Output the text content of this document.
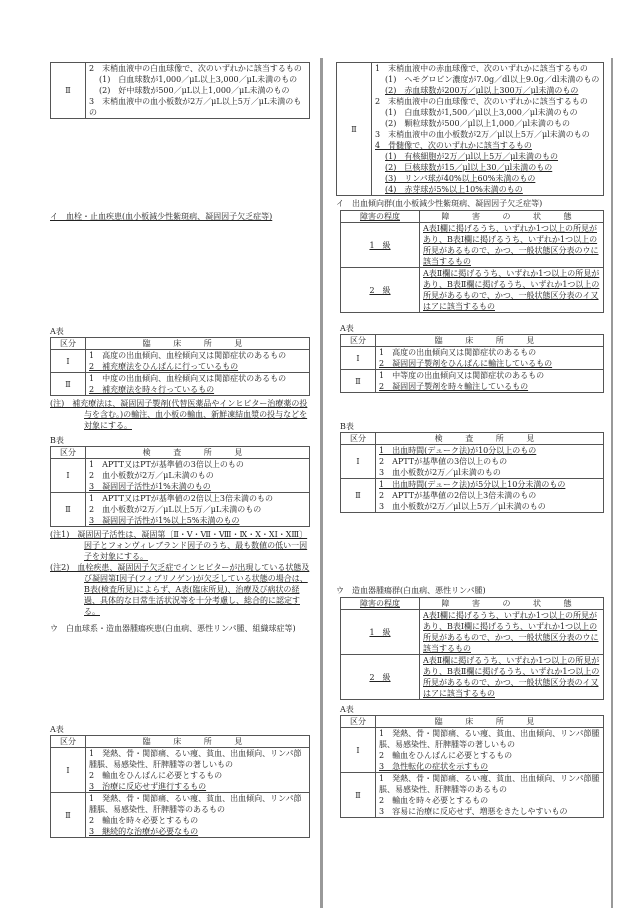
Ⅱ	
2　末梢血液中の白血球像で、次のいずれかに該当するもの
(1)　白血球数が1,000／μL以上3,000／μL未満のもの
(2)　好中球数が500／μL以上1,000／μL未満のもの
3　末梢血液中の血小板数が2万／μL以上5万／μL未満のもの
イ　血栓・止血疾患(血小板減少性紫斑病、凝固因子欠乏症等)
A表
区分	臨 床 所 見
Ⅰ	1　高度の出血傾向、血栓傾向又は関節症状のあるもの
2　補充療法をひんぱんに行っているもの

Ⅱ	1　中度の出血傾向、血栓傾向又は関節症状のあるもの
2　補充療法を時々行っているもの
(注)　補充療法は、凝固因子製剤(代替医薬品やインヒビター治療薬の投与を含む。)の輸注、血小板の輸血、新鮮凍結血漿の投与などを対象にする。
B表
区分	検 査 所 見
Ⅰ	1　APTT又はPTが基準値の3倍以上のもの
2　血小板数が2万／μL未満のもの
3　凝固因子活性が1%未満のもの

Ⅱ	1　APTT又はPTが基準値の2倍以上3倍未満のもの
2　血小板数が2万／μL以上5万／μL未満のもの
3　凝固因子活性が1%以上5%未満のもの
(注1)　凝固因子活性は、凝固第〔Ⅱ・Ⅴ・Ⅶ・Ⅷ・Ⅸ・Ⅹ・ⅩⅠ・ⅩⅢ〕因子とフォンヴィレブランド因子のうち、最も数値の低い一因子を対象にする。
(注2)　血栓疾患、凝固因子欠乏症でインヒビターが出現している状態及び凝固第Ⅰ因子(フィブリノゲン)が欠乏している状態の場合は、B表(検査所見)によらず、A表(臨床所見)、治療及び病状の経過、具体的な日常生活状況等を十分考慮し、総合的に認定する。
ウ　白血球系・造血器腫瘍疾患(白血病、悪性リンパ腫、組織球症等)
A表
区分	臨 床 所 見
Ⅰ	1　発熱、骨・関節痛、るい痩、貧血、出血傾向、リンパ節腫脹、易感染性、肝脾腫等の著しいもの
2　輸血をひんぱんに必要とするもの
3　治療に反応せず進行するもの

Ⅱ	1　発熱、骨・関節痛、るい痩、貧血、出血傾向、リンパ節腫脹、易感染性、肝脾腫等のあるもの
2　輸血を時々必要とするもの
3　継続的な治療が必要なもの
Ⅱ	
1　末梢血液中の赤血球像で、次のいずれかに該当するもの
(1)　ヘモグロビン濃度が7.0g／dl以上9.0g／dl未満のもの
(2)　赤血球数が200万／μl以上300万／μl未満のもの
2　末梢血液中の白血球像で、次のいずれかに該当するもの
(1)　白血球数が1,500／μl以上3,000／μl未満のもの
(2)　顆粒球数が500／μl以上1,000／μl未満のもの
3　末梢血液中の血小板数が2万／μl以上5万／μl未満のもの
4　骨髄像で、次のいずれかに該当するもの
(1)　有核細胞が2万／μl以上5万／μl未満のもの
(2)　巨核球数が15／μl以上30／μl未満のもの
(3)　リンパ球が40%以上60%未満のもの
(4)　赤芽球が5%以上10%未満のもの
イ　出血傾向群(血小板減少性紫斑病、凝固因子欠乏症等)
障害の程度	障 害 の 状 態
1　級	A表Ⅰ欄に掲げるうち、いずれか1つ以上の所見があり、B表Ⅰ欄に掲げるうち、いずれか1つ以上の所見があるもので、かつ、一般状態区分表のウに該当するもの
2　級	A表Ⅱ欄に掲げるうち、いずれか1つ以上の所見があり、B表Ⅱ欄に掲げるうち、いずれか1つ以上の所見があるもので、かつ、一般状態区分表のイ又はアに該当するもの
A表
区分	臨 床 所 見
Ⅰ	1　高度の出血傾向又は関節症状のあるもの
2　凝固因子製剤をひんぱんに輸注しているもの

Ⅱ	1　中等度の出血傾向又は関節症状のあるもの
2　凝固因子製剤を時々輸注しているもの
B表
区分	検 査 所 見
Ⅰ	1　出血時間(デューク法)が10分以上のもの
2　APTTが基準値の3倍以上のもの
3　血小板数が2万／μl未満のもの

Ⅱ	1　出血時間(デューク法)が5分以上10分未満のもの
2　APTTが基準値の2倍以上3倍未満のもの
3　血小板数が2万／μl以上5万／μl未満のもの
ウ　造血器腫瘍群(白血病、悪性リンパ腫)
障害の程度	障 害 の 状 態
1　級	A表Ⅰ欄に掲げるうち、いずれか1つ以上の所見があり、B表Ⅰ欄に掲げるうち、いずれか1つ以上の所見があるもので、かつ、一般状態区分表のウに該当するもの
2　級	A表Ⅱ欄に掲げるうち、いずれか1つ以上の所見があり、B表Ⅱ欄に掲げるうち、いずれか1つ以上の所見があるもので、かつ、一般状態区分表のイ又はアに該当するもの
A表
区分	臨 床 所 見
Ⅰ	1　発熱、骨・関節痛、るい痩、貧血、出血傾向、リンパ節腫脹、易感染性、肝脾腫等の著しいもの
2　輸血をひんぱんに必要とするもの
3　急性転化の症状を示すもの

Ⅱ	1　発熱、骨・関節痛、るい痩、貧血、出血傾向、リンパ節腫脹、易感染性、肝脾腫等のあるもの
2　輸血を時々必要とするもの
3　容易に治療に反応せず、増悪をきたしやすいもの
